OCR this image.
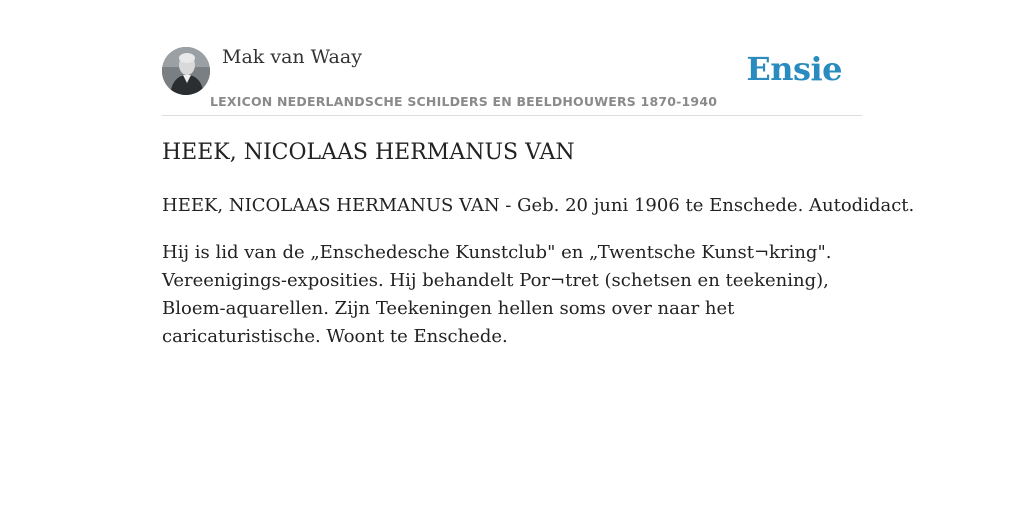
Mak van Waay
LEXICON NEDERLANDSCHE SCHILDERS EN BEELDHOUWERS 1870-1940
Ensie
HEEK, NICOLAAS HERMANUS VAN

HEEK, NICOLAAS HERMANUS VAN - Geb. 20 juni 1906 te Enschede. Autodidact.

Hij is lid van de „Enschedesche Kunstclub" en „Twentsche Kunst¬kring". Vereenigings-exposities. Hij behandelt Por¬tret (schetsen en teekening), Bloem-aquarellen. Zijn Teekeningen hellen soms over naar het caricaturistische. Woont te Enschede.
